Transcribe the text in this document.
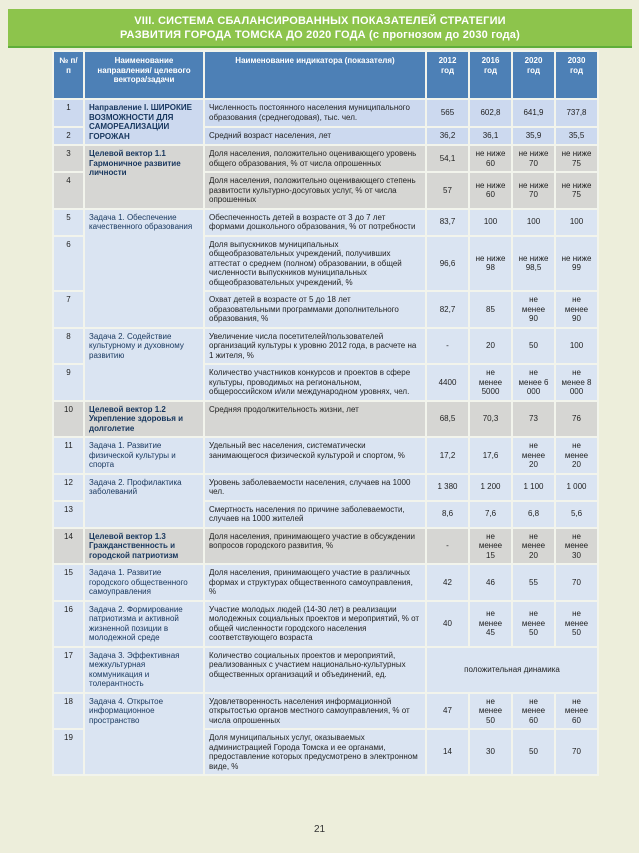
VIII. СИСТЕМА СБАЛАНСИРОВАННЫХ ПОКАЗАТЕЛЕЙ СТРАТЕГИИ
РАЗВИТИЯ ГОРОДА ТОМСКА ДО 2020 ГОДА (с прогнозом до 2030 года)
№ п/п	Наименование направления/ целевого вектора/задачи	Наименование индикатора (показателя)	2012 год	2016 год	2020 год	2030 год
1	Направление I. ШИРОКИЕ ВОЗМОЖНОСТИ ДЛЯ САМОРЕАЛИЗАЦИИ ГОРОЖАН	Численность постоянного населения муниципального образования (среднегодовая), тыс. чел.	565	602,8	641,9	737,8
2		Средний возраст населения, лет	36,2	36,1	35,9	35,5
3	Целевой вектор 1.1 Гармоничное развитие личности	Доля населения, положительно оценивающего уровень общего образования, % от числа опрошенных	54,1	не ниже 60	не ниже 70	не ниже 75
4		Доля населения, положительно оценивающего степень развитости культурно-досуговых услуг, % от числа опрошенных	57	не ниже 60	не ниже 70	не ниже 75
5	Задача 1. Обеспечение качественного образования	Обеспеченность детей в возрасте от 3 до 7 лет формами дошкольного образования, % от потребности	83,7	100	100	100
6		Доля выпускников муниципальных общеобразовательных учреждений, получивших аттестат о среднем (полном) образовании, в общей численности выпускников муниципальных общеобразовательных учреждений, %	96,6	не ниже 98	не ниже 98,5	не ниже 99
7		Охват детей в возрасте от 5 до 18 лет образовательными программами дополнительного образования, %	82,7	85	не менее 90	не менее 90
8	Задача 2. Содействие культурному и духовному развитию	Увеличение числа посетителей/пользователей организаций культуры к уровню 2012 года, в расчете на 1 жителя, %	-	20	50	100
9		Количество участников конкурсов и проектов в сфере культуры, проводимых на региональном, общероссийском и/или международном уровнях, чел.	4400	не менее 5000	не менее 6 000	не менее 8 000
10	Целевой вектор 1.2 Укрепление здоровья и долголетие	Средняя продолжительность жизни, лет	68,5	70,3	73	76
11	Задача 1. Развитие физической культуры и спорта	Удельный вес населения, систематически занимающегося физической культурой и спортом, %	17,2	17,6	не менее 20	не менее 20
12	Задача 2. Профилактика заболеваний	Уровень заболеваемости населения, случаев на 1000 чел.	1 380	1 200	1 100	1 000
13		Смертность населения по причине заболеваемости, случаев на 1000 жителей	8,6	7,6	6,8	5,6
14	Целевой вектор 1.3 Гражданственность и городской патриотизм	Доля населения, принимающего участие в обсуждении вопросов городского развития, %	-	не менее 15	не менее 20	не менее 30
15	Задача 1. Развитие городского общественного самоуправления	Доля населения, принимающего участие в различных формах и структурах общественного самоуправления, %	42	46	55	70
16	Задача 2. Формирование патриотизма и активной жизненной позиции в молодежной среде	Участие молодых людей (14-30 лет) в реализации молодежных социальных проектов и мероприятий, % от общей численности городского населения соответствующего возраста	40	не менее 45	не менее 50	не менее 50
17	Задача 3. Эффективная межкультурная коммуникация и толерантность	Количество социальных проектов и мероприятий, реализованных с участием национально-культурных общественных организаций и объединений, ед.	положительная динамика			
18	Задача 4. Открытое информационное пространство	Удовлетворенность населения информационной открытостью органов местного самоуправления, % от числа опрошенных	47	не менее 50	не менее 60	не менее 60
19		Доля муниципальных услуг, оказываемых администрацией Города Томска и ее органами, предоставление которых предусмотрено в электронном виде, %	14	30	50	70
21
